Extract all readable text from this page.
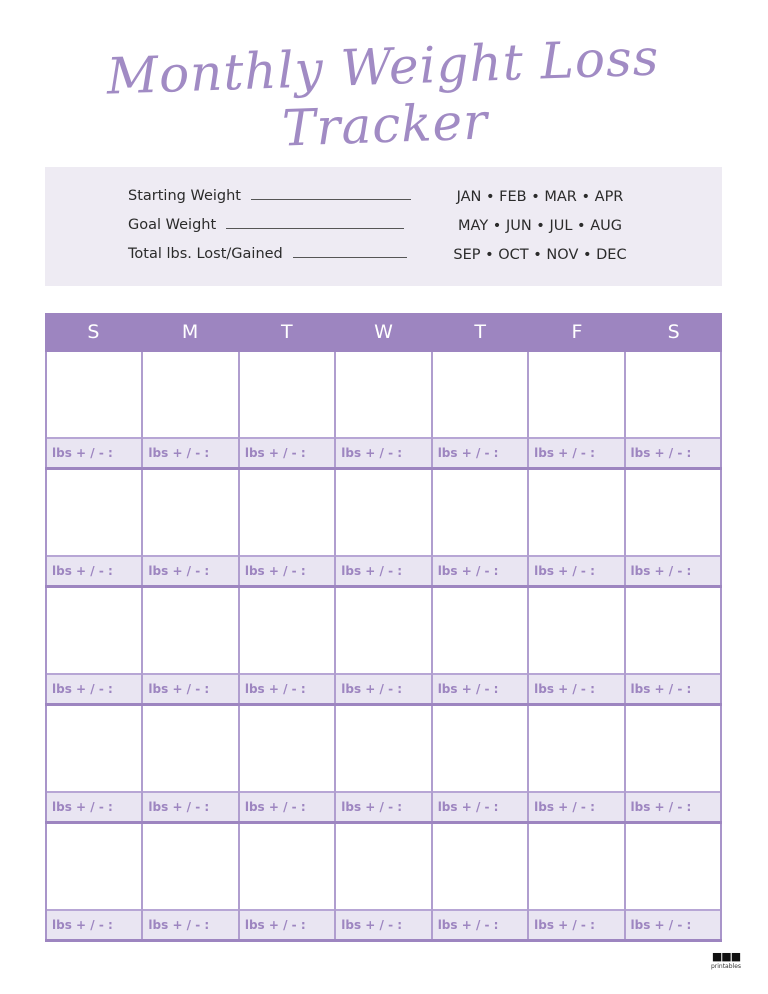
Monthly Weight Loss Tracker
Starting Weight
Goal Weight
Total lbs. Lost/Gained
JAN • FEB • MAR • APR
MAY • JUN • JUL • AUG
SEP • OCT • NOV • DEC
S	M	T	W	T	F	S
lbs + / - :	lbs + / - :	lbs + / - :	lbs + / - :	lbs + / - :	lbs + / - :	lbs + / - :
lbs + / - :	lbs + / - :	lbs + / - :	lbs + / - :	lbs + / - :	lbs + / - :	lbs + / - :
lbs + / - :	lbs + / - :	lbs + / - :	lbs + / - :	lbs + / - :	lbs + / - :	lbs + / - :
lbs + / - :	lbs + / - :	lbs + / - :	lbs + / - :	lbs + / - :	lbs + / - :	lbs + / - :
lbs + / - :	lbs + / - :	lbs + / - :	lbs + / - :	lbs + / - :	lbs + / - :	lbs + / - :
■■■
printables
